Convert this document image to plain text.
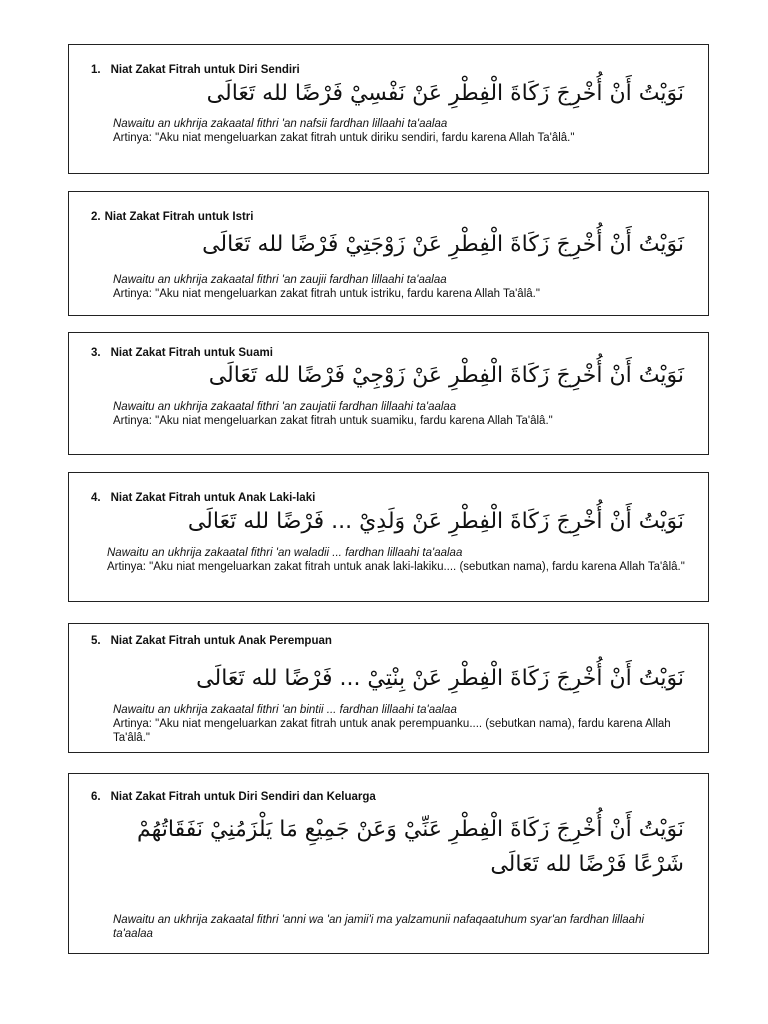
1. Niat Zakat Fitrah untuk Diri Sendiri
نَوَيْتُ أَنْ أُخْرِجَ زَكَاةَ الْفِطْرِ عَنْ نَفْسِيْ فَرْضًا لله تَعَالَى
Nawaitu an ukhrija zakaatal fithri 'an nafsii fardhan lillaahi ta'aalaa
Artinya: "Aku niat mengeluarkan zakat fitrah untuk diriku sendiri, fardu karena Allah Ta'âlâ."
2. Niat Zakat Fitrah untuk Istri
نَوَيْتُ أَنْ أُخْرِجَ زَكَاةَ الْفِطْرِ عَنْ زَوْجَتِيْ فَرْضًا لله تَعَالَى
Nawaitu an ukhrija zakaatal fithri 'an zaujii fardhan lillaahi ta'aalaa
Artinya: "Aku niat mengeluarkan zakat fitrah untuk istriku, fardu karena Allah Ta'âlâ."
3. Niat Zakat Fitrah untuk Suami
نَوَيْتُ أَنْ أُخْرِجَ زَكَاةَ الْفِطْرِ عَنْ زَوْجِيْ فَرْضًا لله تَعَالَى
Nawaitu an ukhrija zakaatal fithri 'an zaujatii fardhan lillaahi ta'aalaa
Artinya: "Aku niat mengeluarkan zakat fitrah untuk suamiku, fardu karena Allah Ta'âlâ."
4. Niat Zakat Fitrah untuk Anak Laki-laki
نَوَيْتُ أَنْ أُخْرِجَ زَكَاةَ الْفِطْرِ عَنْ وَلَدِيْ ... فَرْضًا لله تَعَالَى
Nawaitu an ukhrija zakaatal fithri 'an waladii ... fardhan lillaahi ta'aalaa
Artinya: "Aku niat mengeluarkan zakat fitrah untuk anak laki-lakiku.... (sebutkan nama), fardu karena Allah Ta'âlâ."
5. Niat Zakat Fitrah untuk Anak Perempuan
نَوَيْتُ أَنْ أُخْرِجَ زَكَاةَ الْفِطْرِ عَنْ بِنْتِيْ ... فَرْضًا لله تَعَالَى
Nawaitu an ukhrija zakaatal fithri 'an bintii ... fardhan lillaahi ta'aalaa
Artinya: "Aku niat mengeluarkan zakat fitrah untuk anak perempuanku.... (sebutkan nama), fardu karena Allah Ta'âlâ."
6. Niat Zakat Fitrah untuk Diri Sendiri dan Keluarga
نَوَيْتُ أَنْ أُخْرِجَ زَكَاةَ الْفِطْرِ عَنِّيْ وَعَنْ جَمِيْعِ مَا يَلْزَمُنِيْ نَفَقَاتُهُمْ شَرْعًا فَرْضًا لله تَعَالَى
Nawaitu an ukhrija zakaatal fithri 'anni wa 'an jamii'i ma yalzamunii nafaqaatuhum syar'an fardhan lillaahi ta'aalaa
